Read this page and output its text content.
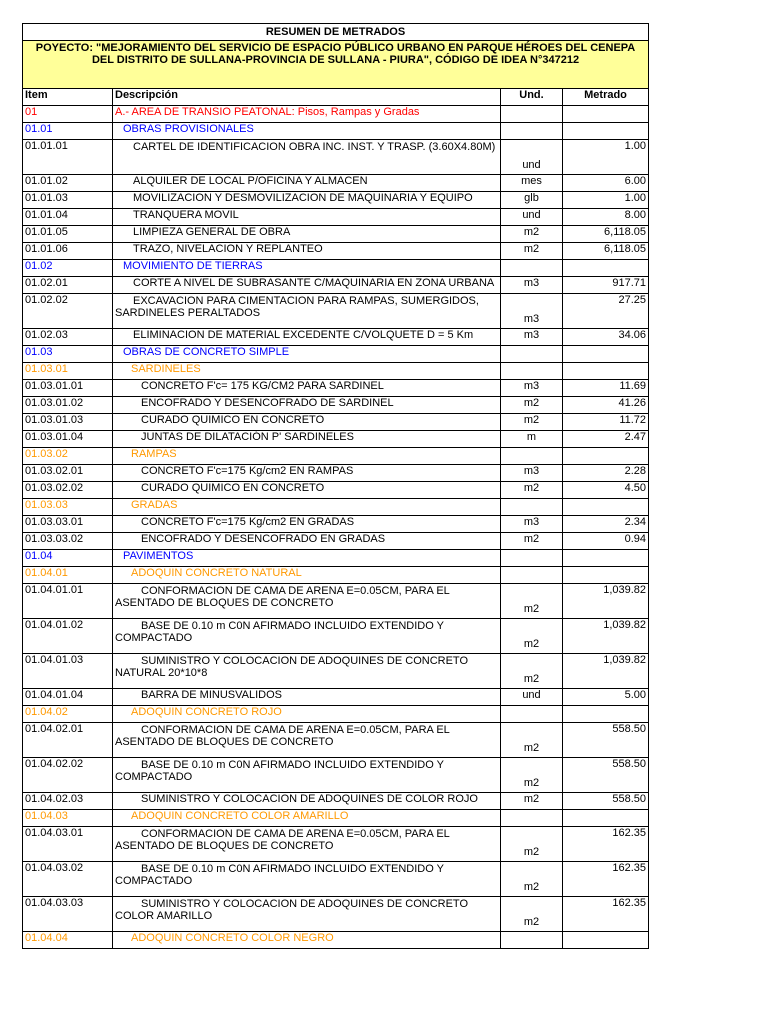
RESUMEN DE METRADOS			
POYECTO: "MEJORAMIENTO DEL SERVICIO DE ESPACIO PÚBLICO URBANO EN PARQUE HÉROES DEL CENEPA DEL DISTRITO DE SULLANA-PROVINCIA DE SULLANA - PIURA", CÓDIGO DE IDEA N°347212			
Item	Descripción	Und.	Metrado
01	A.- AREA DE TRANSIO PEATONAL: Pisos, Rampas y Gradas		
01.01	OBRAS PROVISIONALES		
01.01.01	CARTEL DE IDENTIFICACION OBRA INC. INST. Y TRASP. (3.60X4.80M)	und	1.00
01.01.02	ALQUILER DE LOCAL P/OFICINA Y ALMACEN	mes	6.00
01.01.03	MOVILIZACION Y DESMOVILIZACION DE MAQUINARIA Y EQUIPO	glb	1.00
01.01.04	TRANQUERA MOVIL	und	8.00
01.01.05	LIMPIEZA GENERAL DE OBRA	m2	6,118.05
01.01.06	TRAZO, NIVELACION Y REPLANTEO	m2	6,118.05
01.02	MOVIMIENTO DE TIERRAS		
01.02.01	CORTE A NIVEL DE SUBRASANTE C/MAQUINARIA EN ZONA URBANA	m3	917.71
01.02.02	EXCAVACION PARA CIMENTACION PARA RAMPAS, SUMERGIDOS, SARDINELES PERALTADOS	m3	27.25
01.02.03	ELIMINACION DE MATERIAL EXCEDENTE C/VOLQUETE D = 5 Km	m3	34.06
01.03	OBRAS DE CONCRETO SIMPLE		
01.03.01	SARDINELES		
01.03.01.01	CONCRETO F'c= 175 KG/CM2 PARA SARDINEL	m3	11.69
01.03.01.02	ENCOFRADO Y DESENCOFRADO DE SARDINEL	m2	41.26
01.03.01.03	CURADO QUIMICO EN CONCRETO	m2	11.72
01.03.01.04	JUNTAS DE DILATACIÓN P' SARDINELES	m	2.47
01.03.02	RAMPAS		
01.03.02.01	CONCRETO F'c=175 Kg/cm2 EN RAMPAS	m3	2.28
01.03.02.02	CURADO QUIMICO EN CONCRETO	m2	4.50
01.03.03	GRADAS		
01.03.03.01	CONCRETO F'c=175 Kg/cm2 EN GRADAS	m3	2.34
01.03.03.02	ENCOFRADO Y DESENCOFRADO EN GRADAS	m2	0.94
01.04	PAVIMENTOS		
01.04.01	ADOQUIN CONCRETO NATURAL		
01.04.01.01	CONFORMACION DE CAMA DE ARENA E=0.05CM, PARA EL ASENTADO DE BLOQUES DE CONCRETO	m2	1,039.82
01.04.01.02	BASE DE 0.10 m C0N AFIRMADO INCLUIDO EXTENDIDO Y COMPACTADO	m2	1,039.82
01.04.01.03	SUMINISTRO Y COLOCACION DE ADOQUINES DE CONCRETO NATURAL 20*10*8	m2	1,039.82
01.04.01.04	BARRA DE MINUSVALIDOS	und	5.00
01.04.02	ADOQUIN CONCRETO ROJO		
01.04.02.01	CONFORMACION DE CAMA DE ARENA E=0.05CM, PARA EL ASENTADO DE BLOQUES DE CONCRETO	m2	558.50
01.04.02.02	BASE DE 0.10 m C0N AFIRMADO INCLUIDO EXTENDIDO Y COMPACTADO	m2	558.50
01.04.02.03	SUMINISTRO Y COLOCACION DE ADOQUINES DE COLOR ROJO	m2	558.50
01.04.03	ADOQUIN CONCRETO COLOR AMARILLO		
01.04.03.01	CONFORMACION DE CAMA DE ARENA E=0.05CM, PARA EL ASENTADO DE BLOQUES DE CONCRETO	m2	162.35
01.04.03.02	BASE DE 0.10 m C0N AFIRMADO INCLUIDO EXTENDIDO Y COMPACTADO	m2	162.35
01.04.03.03	SUMINISTRO Y COLOCACION DE ADOQUINES DE CONCRETO COLOR AMARILLO	m2	162.35
01.04.04	ADOQUIN CONCRETO COLOR NEGRO		
